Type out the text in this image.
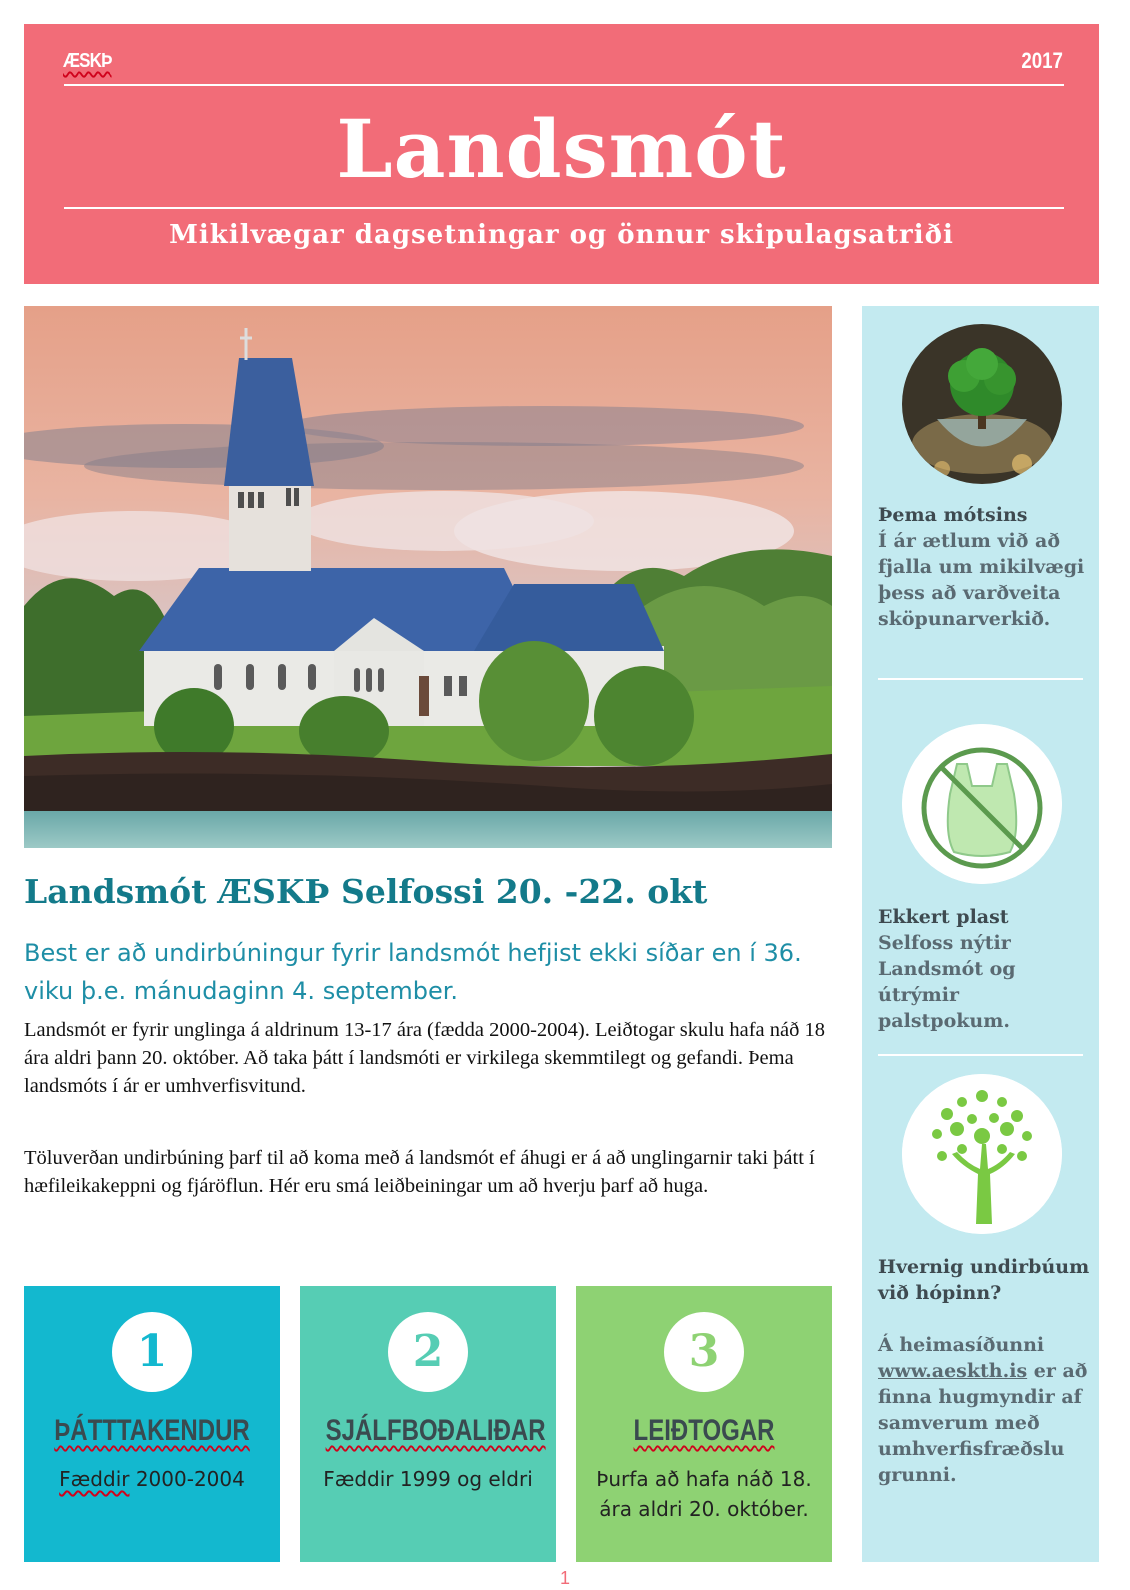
ÆSKÞ	2017
Landsmót
Mikilvægar dagsetningar og önnur skipulagsatriði
Landsmót ÆSKÞ Selfossi 20. -22. okt
Best er að undirbúningur fyrir landsmót hefjist ekki síðar en í 36. viku þ.e. mánudaginn 4. september.
Landsmót er fyrir unglinga á aldrinum 13-17 ára (fædda 2000-2004). Leiðtogar skulu hafa náð 18 ára aldri þann 20. október. Að taka þátt í landsmóti er virkilega skemmtilegt og gefandi. Þema landsmóts í ár er umhverfisvitund.
Töluverðan undirbúning þarf til að koma með á landsmót ef áhugi er á að unglingarnir taki þátt í hæfileikakeppni og fjáröflun. Hér eru smá leiðbeiningar um að hverju þarf að huga.
1
ÞÁTTTAKENDUR
Fæddir 2000-2004
2
SJÁLFBOÐALIÐAR
Fæddir 1999 og eldri
3
LEIÐTOGAR
Þurfa að hafa náð 18. ára aldri 20. október.
Þema mótsins
Í ár ætlum við að fjalla um mikilvægi þess að varðveita sköpunarverkið.
Ekkert plast
Selfoss nýtir Landsmót og útrýmir palstpokum.
Hvernig undirbúum við hópinn?
Á heimasíðunni www.aeskth.is er að finna hugmyndir af samverum með umhverfisfræðslu grunni.
1
